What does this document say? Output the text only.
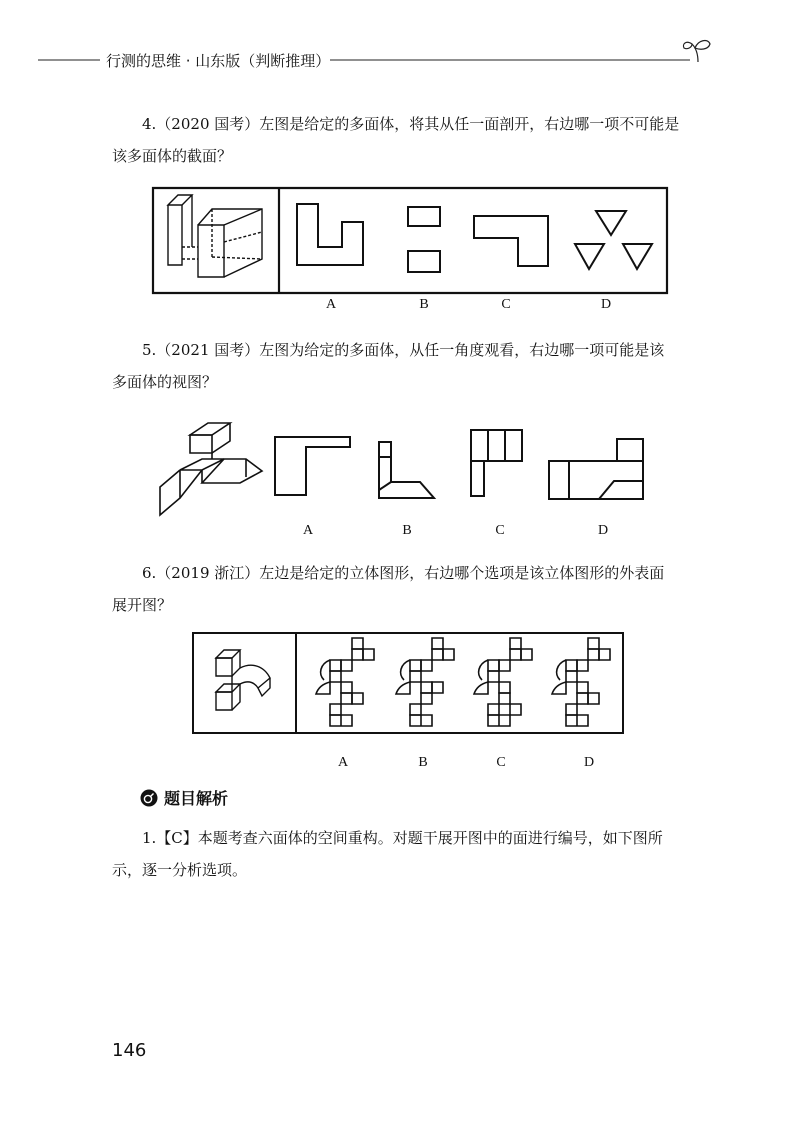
行测的思维 · 山东版（判断推理）
4.（2020 国考）左图是给定的多面体，将其从任一面剖开，右边哪一项不可能是
该多面体的截面？
A	B	C	D
5.（2021 国考）左图为给定的多面体，从任一角度观看，右边哪一项可能是该
多面体的视图？
A	B	C	D
6.（2019 浙江）左边是给定的立体图形，右边哪个选项是该立体图形的外表面
展开图？
A	B	C	D
题目解析
1.【C】本题考查六面体的空间重构。对题干展开图中的面进行编号，如下图所
示，逐一分析选项。
146
